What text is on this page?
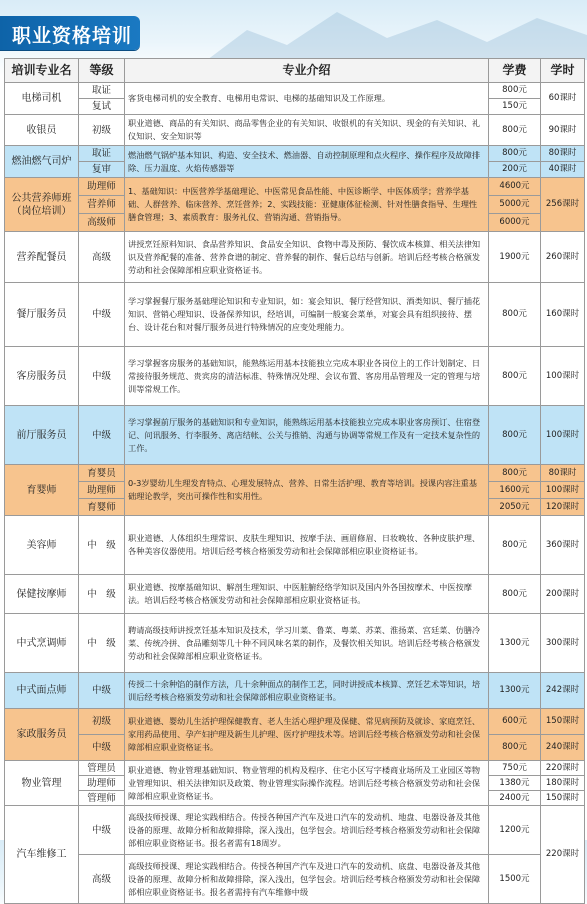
职业资格培训
培训专业名	等级	专业介绍	学费	学时
电梯司机	取证	客货电梯司机的安全教育、电梯用电常识、电梯的基础知识及工作原理。	800元	60课时
	复试		150元	
收银员	初级	职业道德、商品的有关知识、商品零售企业的有关知识、收银机的有关知识、现金的有关知识、礼仪知识、安全知识等	800元	90课时
燃油燃气司炉	取证	燃油燃气锅炉基本知识、构造、安全技术、燃油器、自动控制原理和点火程序、操作程序及故障排除、压力温度、火焰传感器等	800元	80课时
	复审		200元	40课时
公共营养师班（岗位培训）	助理师	1、基础知识：中医营养学基础理论、中医常见食品性能、中医诊断学、中医体质学；营养学基础、人群营养、临床营养、烹饪营养；2、实践技能：亚健康体征检测、针对性膳食指导、生理性膳食管理；3、素质教育：服务礼仪、营销沟通、营销指导。	4600元	256课时
	营养师		5000元	
	高级师		6000元	
营养配餐员	高级	讲授烹饪原料知识、食品营养知识、食品安全知识、食物中毒及预防、餐饮成本核算、相关法律知识及营养配餐的准备、营养食谱的制定、营养餐的制作、餐后总结与创新。培训后经考核合格颁发劳动和社会保障部相应职业资格证书。	1900元	260课时
餐厅服务员	中级	学习掌握餐厅服务基础理论知识和专业知识，如：宴会知识、餐厅经营知识、酒类知识、餐厅插花知识、营销心理知识、设备保养知识，经培训，可编制一般宴会菜单，对宴会具有组织接待、摆台、设计花台和对餐厅服务员进行特殊情况的应变处理能力。	800元	160课时
客房服务员	中级	学习掌握客房服务的基础知识，能熟练运用基本技能独立完成本职业各岗位上的工作计划制定、日常接待服务规范、贵宾房的清洁标准、特殊情况处理、会议布置、客房用品管理及一定的管理与培训等常规工作。	800元	100课时
前厅服务员	中级	学习掌握前厅服务的基础知识和专业知识，能熟练运用基本技能独立完成本职业客房预订、住宿登记、问讯服务、行李服务、离店结帐、公关与推销、沟通与协调等常规工作及有一定技术复杂性的工作。	800元	100课时
育婴师	育婴员	0-3岁婴幼儿生理发育特点、心理发展特点、营养、日常生活护理、教育等培训。授课内容注重基础理论教学，突出可操作性和实用性。	800元	80课时
	助理师		1600元	100课时
	育婴师		2050元	120课时
美容师	中　级	职业道德、人体组织生理常识、皮肤生理知识、按摩手法、画眉修眉、日妆晚妆、各种皮肤护理、各种美容仪器使用。培训后经考核合格颁发劳动和社会保障部相应职业资格证书。	800元	360课时
保健按摩师	中　级	职业道德、按摩基础知识、解剖生理知识、中医脏腑经络学知识及国内外各国按摩术、中医按摩法。培训后经考核合格颁发劳动和社会保障部相应职业资格证书。	800元	200课时
中式烹调师	中　级	聘请高级技师讲授烹饪基本知识及技术，学习川菜、鲁菜、粤菜、苏菜、淮扬菜、宫廷菜、仿膳冷菜、传统冷拼、食品雕刻等几十种不同风味名菜的制作，及餐饮相关知识。培训后经考核合格颁发劳动和社会保障部相应职业资格证书。	1300元	300课时
中式面点师	中级	传授二十余种馅的制作方法，几十余种面点的制作工艺，同时讲授成本核算、烹饪艺术等知识，培训后经考核合格颁发劳动和社会保障部相应职业资格证书。	1300元	242课时
家政服务员	初级	职业道德、婴幼儿生活护理保健教育、老人生活心理护理及保健、常见病预防及就诊、家庭烹饪、家用药品使用、孕产妇护理及新生儿护理、医疗护理技术等。培训后经考核合格颁发劳动和社会保障部相应职业资格证书。	600元	150课时
	中级		800元	240课时
物业管理	管理员	职业道德、物业管理基础知识、物业管理的机构及程序、住宅小区写字楼商业场所及工业园区等物业管理知识、相关法律知识及政策、物业管理实际操作流程。培训后经考核合格颁发劳动和社会保障部相应职业资格证书。	750元	220课时
	助理师		1380元	180课时
	管理师		2400元	150课时
汽车维修工	中级	高级技师授课、理论实践相结合。传授各种国产汽车及进口汽车的发动机、地盘、电器设备及其他设备的原理、故障分析和故障排除，深入浅出，包学包会。培训后经考核合格颁发劳动和社会保障部相应职业资格证书。报名者需有18周岁。	1200元	220课时
	高级	高级技师授课、理论实践相结合。传授各种国产汽车及进口汽车的发动机、底盘、电器设备及其他设备的原理、故障分析和故障排除，深入浅出，包学包会。培训后经考核合格颁发劳动和社会保障部相应职业资格证书。报名者需持有汽车维修中级	1500元	
